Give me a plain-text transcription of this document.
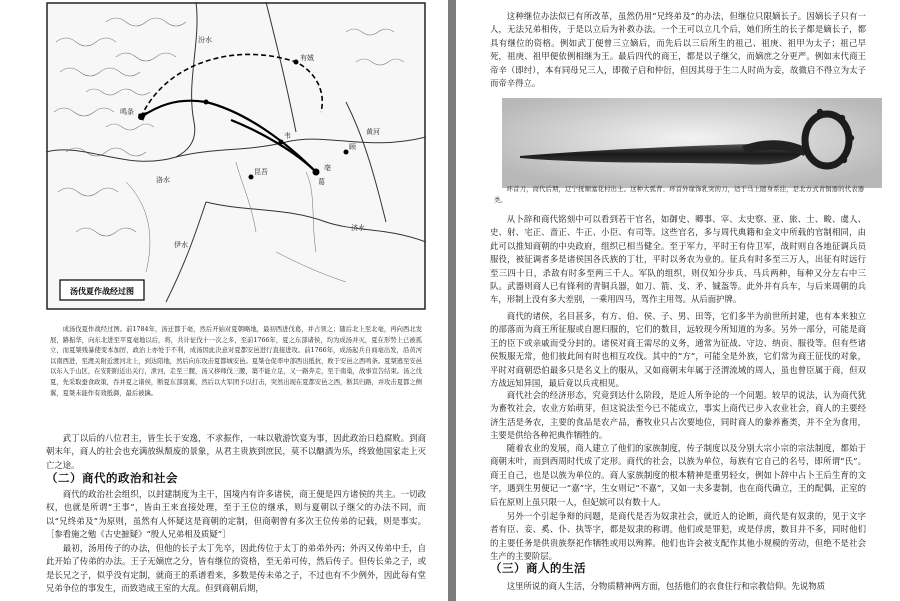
葛
亳
鸣条
有娀
韦
顾
昆吾
黄河
洛水
伊水
济水
汾水
汤伐夏作战经过图

成汤伐夏作战经过图。前1784年，汤迁都于亳，然后开始对夏朝略地，最初西进伐葛，并占领之；随后北上至北亳，再向西北发展，路振华，向东北进至平夏亳地以后，将，共计征伐十一次之多，至前1766年，夏之东部诸侯，均为成汤并灭，夏在形势上已被孤立，而夏桀残暴使变本加厉，政治上亦处于不利，成汤因此决意对夏都安邑进行直接进攻。前1766年，成汤起兵自商亳出发，沿黄河以南西进，至渡关附近渡河北上，到达陪地，然后向东攻击夏都城安邑。夏桀仓促率中部西出抵抗，败于安邑之西鸣条。夏桀逃至安邑以东入于山区，在安阳附近出关行，泄河，走至三朡，汤又移师伐三朡，築不能立足，又一路奔走，至于南巢，战事宣告结束。汤之伐夏，先采取蚕食政策，吞并夏之诸侯，断夏东部羽翼，然后以大军团予以打击，突然出现在夏都安邑之西，断其归路，并攻击夏都之侧翼，夏桀未能作有效抵御，最后被擒。

武丁以后的八位君主，皆生长于安逸，不求振作，一味以敬游饮宴为事，因此政治日趋腐败。到商朝末年，商人的社会也充满放纵颓废的景象，从君主贵族到庶民，莫不以酗酒为乐，终致他国家走上灭亡之途。

（二）商代的政治和社会

商代的政治社会组织，以封建制度为主干，国境内有许多诸侯，商王便是四方诸侯的共主。一切政权，也就是所谓“王事”，皆由王来直接处理，至于王位的继承，则与夏朝以子继父的办法不同，而以“兄终弟及”为原则，虽然有人怀疑这是商朝的定制，但商朝曾有多次王位传弟的记载，则是事实。［参看施之勉《古史摭疑》“殷人兄弟相及质疑”］

最初，汤用传子的办法，但他的长子太丁先卒，因此传位于太丁的弟弟外丙；外丙又传弟中壬，自此开始了传弟的办法。王子无嫡庶之分，皆有继位的资格，至无弟可传，然后传子。但传长弟之子，或是长兄之子，似乎没有定制，就商王的系谱看来，多数是传未弟之子，不过也有不少例外，因此每有堂兄弟争位的事发生，而致造成王室的大乱。但到商朝后期，

这种继位办法似已有所改革，虽然仍用“兄终弟及”的办法，但继位只限嫡长子。因嫡长子只有一人，无法兄弟相传，于是以立后为补救办法。一个王可以立几个后，她们所生的长子都是嫡长子，都具有继位的资格。例如武丁便曾三立嫡后，而先后以三后所生的祖己、祖庚、祖甲为太子；祖己早死，祖庚、祖甲便依例相继为王。最后四代的商王，都是以子继父，而嫡庶之分更严。例如末代商王帝辛（即纣），本有同母兄三人，即微子启和仲衍，但因其母于生二人时尚为妾，故微启不得立为太子而帝辛得立。

环首刀，商代后期，辽宁抚顺塞花村出土。这种大弧背、环首外缘饰乳突的刀，适于马上随身系挂，是北方式青铜器的代表器类。

从卜辞和商代铭刻中可以看到若干官名，如御史、卿事、宰、太史察、亚、旅、士、畯、虞人、史、射、宅正、啬正、牛正、小臣、有司等。这些官名，多与周代典籍和金文中所载的官制相同，由此可以推知商朝的中央政府，组织已相当健全。至于军力，平时王有侍卫军，战时则自各地征调兵员服役，被征调者多是诸侯国各氏族的丁壮，平时以务农为业的。征兵有时多至三万人，出征有时远行至三四十日，杀敌有时多至两三千人。军队的组织，则仅知分步兵、马兵两种，每种又分左右中三队。武器则商人已有锋利的青铜兵器，如刀、箭、戈、矛、铖盔等。此外并有兵车，与后来周朝的兵车，形制上没有多大差别，一乘用四马，驾作主用驾。从后面护牌。

商代的诸侯，名目甚多，有方、伯、侯、子、男、田等，它们多半为前世所封建，也有本来独立的部落而为商王所征服或自愿归服的，它们的数目，远较现今所知道的为多。另外一部分，可能是商王的臣下或亲戚而受分封的。诸侯对商王需尽的义务，通常为征战、守边、纳贡、服役等。但有些诸侯叛服无常，他们彼此间有时也相互攻伐。其中的“方”，可能全是外族，它们常为商王征伐的对象，平时对商朝恐伯最多只是名义上的服从，又如商朝末年属于泾渭流域的周人，虽也曾臣属于商，但双方战远知异国，最后竟以兵戎相见。

商代社会的经济形态，究竟到达什么阶段，是近人所争论的一个问题。较早的说法，认为商代犹为畜牧社会，农业方始萌芽，但这说法至今已不能成立，事实上商代已步入农业社会，商人的主要经济生活是务农，主要的食品是农产品，畜牧业只占次要地位，同时商人的豢养畜类，并不全为食用，主要是供给各种祀典作牺牲的。

随着农业的发展，商人建立了他们的家族制度，传子制度以及分别大宗小宗的宗法制度，都始于商朝末叶，而到西周时代成了定形。商代的社会，以族为单位，每族有它自己的名号，即所谓“氏”。商王自己，也是以族为单位的。商人家族制度的根本精神是重男轻女，例如卜辞中占卜王后生育的文字，遇到生男便记一“嘉”字，生女则记“不嘉”，又如一夫多妻制，也在商代确立，王的配偶，正室的后在原则上虽只限一人，但妃嫔可以有数十人。

另外一个引起争辩的问题，是商代是否为奴隶社会，就近人的论断，商代是有奴隶的，见于文字者有臣、妾、奚、仆、执等字，都是奴隶的称谓。他们或是罪犯，或是俘虏，数目并不多，同时他们的主要任务是供贵族祭祀作牺牲或用以殉葬。他们也许会被支配作其他小规模的劳动，但绝不是社会生产的主要阶层。

（三）商人的生活

这里所说的商人生活，分物质精神两方面，包括他们的衣食住行和宗教信仰。先说物质
